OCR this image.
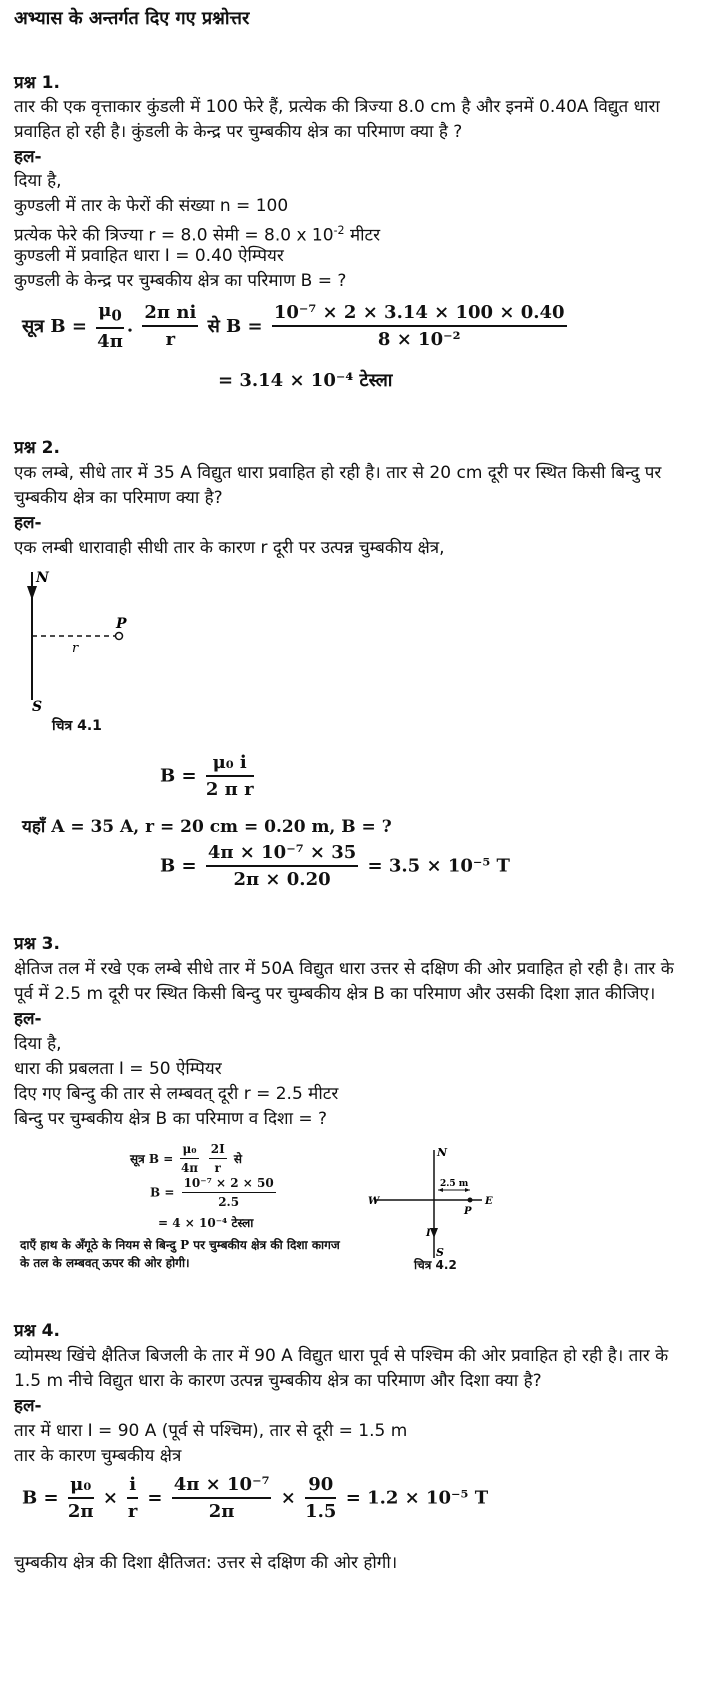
अभ्यास के अन्तर्गत दिए गए प्रश्नोत्तर
प्रश्न 1.
तार की एक वृत्ताकार कुंडली में 100 फेरे हैं, प्रत्येक की त्रिज्या 8.0 cm है और इनमें 0.40A विद्युत धारा
प्रवाहित हो रही है। कुंडली के केन्द्र पर चुम्बकीय क्षेत्र का परिमाण क्या है ?
हल-
दिया है,
कुण्डली में तार के फेरों की संख्या n = 100
प्रत्येक फेरे की त्रिज्या r = 8.0 सेमी = 8.0 x $10^{-2}$ मीटर
कुण्डली में प्रवाहित धारा I = 0.40 ऐम्पियर
कुण्डली के केन्द्र पर चुम्बकीय क्षेत्र का परिमाण B = ?
सूत्र $B = \frac{\mu_0}{4\pi}$ . $\frac{\text{2π ni}}{r}$ से $B = \frac{\text{10⁻⁷ × 2 × 3.14 × 100 × 0.40}}{\text{8 × 10⁻²}}$
= 3.14 × 10⁻⁴ टेस्ला
प्रश्न 2.
एक लम्बे, सीधे तार में 35 A विद्युत धारा प्रवाहित हो रही है। तार से 20 cm दूरी पर स्थित किसी बिन्दु पर
चुम्बकीय क्षेत्र का परिमाण क्या है?
हल-
एक लम्बी धारावाही सीधी तार के कारण r दूरी पर उत्पन्न चुम्बकीय क्षेत्र,
N
S
P
r
चित्र 4.1
$B = \frac{\text{μ₀ i}}{\text{2 π r}}$
यहाँ A = 35 A, r = 20 cm = 0.20 m, B = ?
$B = \frac{\text{4π × 10⁻⁷ × 35}}{2\pi \times 0.20} = 3.5 \times 10^{-5}$ T
प्रश्न 3.
क्षेतिज तल में रखे एक लम्बे सीधे तार में 50A विद्युत धारा उत्तर से दक्षिण की ओर प्रवाहित हो रही है। तार के
पूर्व में 2.5 m दूरी पर स्थित किसी बिन्दु पर चुम्बकीय क्षेत्र B का परिमाण और उसकी दिशा ज्ञात कीजिए।
हल-
दिया है,
धारा की प्रबलता I = 50 ऐम्पियर
दिए गए बिन्दु की तार से लम्बवत् दूरी r = 2.5 मीटर
बिन्दु पर चुम्बकीय क्षेत्र B का परिमाण व दिशा = ?
सूत्र $B = \frac{\text{μ₀}}{4\pi}$
$\frac{2I}{r}$ से
$B = \frac{\text{10⁻⁷ × 2 × 50}}{2.5}$
= 4 × 10⁻⁴ टेस्ला
दाएँ हाथ के अँगूठे के नियम से बिन्दु P पर चुम्बकीय क्षेत्र की दिशा कागज
के तल के लम्बवत् ऊपर की ओर होगी।
N
S
W	E
P
I
2.5 m
चित्र 4.2
प्रश्न 4.
व्योमस्थ खिंचे क्षैतिज बिजली के तार में 90 A विद्युत धारा पूर्व से पश्चिम की ओर प्रवाहित हो रही है। तार के
1.5 m नीचे विद्युत धारा के कारण उत्पन्न चुम्बकीय क्षेत्र का परिमाण और दिशा क्या है?
हल-
तार में धारा I = 90 A (पूर्व से पश्चिम), तार से दूरी = 1.5 m
तार के कारण चुम्बकीय क्षेत्र
$B = \frac{\text{μ₀}}{2\pi} \times \frac{i}{r} = \frac{\text{4π × 10⁻⁷}}{2\pi} \times \frac{90}{1.5} = 1.2 \times 10^{-5}$ T
चुम्बकीय क्षेत्र की दिशा क्षैतिजत: उत्तर से दक्षिण की ओर होगी।
